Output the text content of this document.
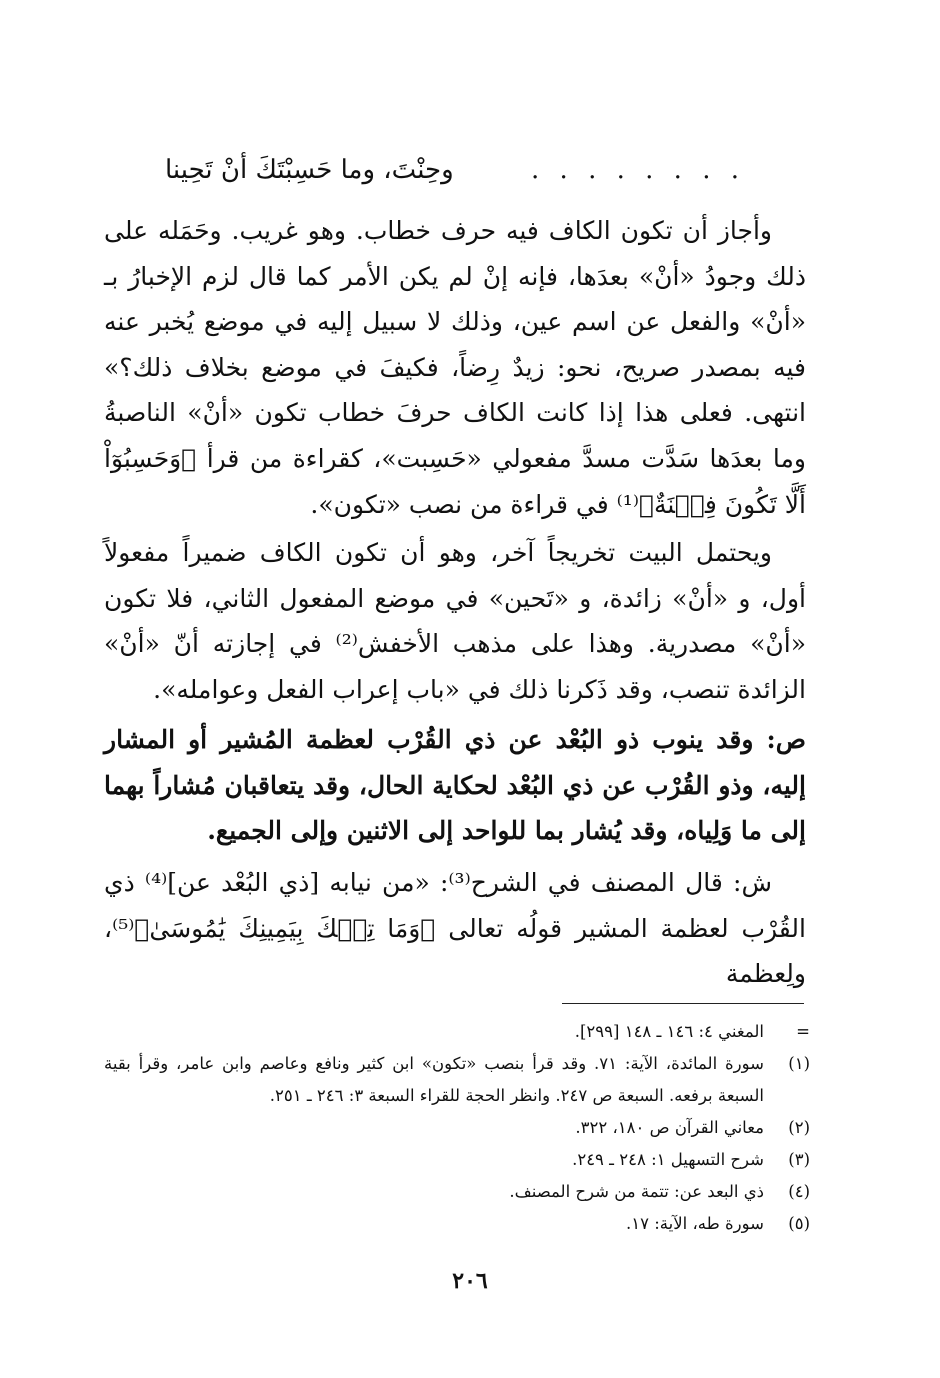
. . . . . . . .
وحِنْتَ، وما حَسِبْتَكَ أنْ تَحِينا

وأجاز أن تكون الكاف فيه حرف خطاب. وهو غريب. وحَمَله على ذلك وجودُ «أنْ» بعدَها، فإنه إنْ لم يكن الأمر كما قال لزم الإخبارُ بـ «أنْ» والفعل عن اسم عين، وذلك لا سبيل إليه في موضع يُخبر عنه فيه بمصدر صريح، نحو: زيدٌ رِضاً، فكيفَ في موضع بخلاف ذلك؟» انتهى. فعلى هذا إذا كانت الكاف حرفَ خطاب تكون «أنْ» الناصبةُ وما بعدَها سَدَّت مسدَّ مفعولي «حَسِبت»، كقراءة من قرأ ﴿وَحَسِبُوٓاْ أَلَّا تَكُونَ فِتۡنَةٌ﴾⁽¹⁾ في قراءة من نصب «تكون».

ويحتمل البيت تخريجاً آخر، وهو أن تكون الكاف ضميراً مفعولاً أول، و «أنْ» زائدة، و «تَحين» في موضع المفعول الثاني، فلا تكون «أنْ» مصدرية. وهذا على مذهب الأخفش⁽²⁾ في إجازته أنّ «أنْ» الزائدة تنصب، وقد ذَكرنا ذلك في «باب إعراب الفعل وعوامله».

ص: وقد ينوب ذو البُعْد عن ذي القُرْب لعظمة المُشير أو المشار إليه، وذو القُرْب عن ذي البُعْد لحكاية الحال، وقد يتعاقبان مُشاراً بهما إلى ما وَلِياه، وقد يُشار بما للواحد إلى الاثنين وإلى الجميع.

ش: قال المصنف في الشرح⁽³⁾: «من نيابه [ذي البُعْد عن]⁽⁴⁾ ذي القُرْب لعظمة المشير قولُه تعالى ﴿وَمَا تِلۡكَ بِيَمِينِكَ يَٰمُوسَىٰ﴾⁽⁵⁾، ولِعظمة

=
المغني ٤: ١٤٦ ـ ١٤٨ [٢٩٩].
(١)
سورة المائدة، الآية: ٧١. وقد قرأ بنصب «تكون» ابن كثير ونافع وعاصم وابن عامر، وقرأ بقية السبعة برفعه. السبعة ص ٢٤٧. وانظر الحجة للقراء السبعة ٣: ٢٤٦ ـ ٢٥١.
(٢)
معاني القرآن ص ١٨٠، ٣٢٢.
(٣)
شرح التسهيل ١: ٢٤٨ ـ ٢٤٩.
(٤)
ذي البعد عن: تتمة من شرح المصنف.
(٥)
سورة طه، الآية: ١٧.
٢٠٦
